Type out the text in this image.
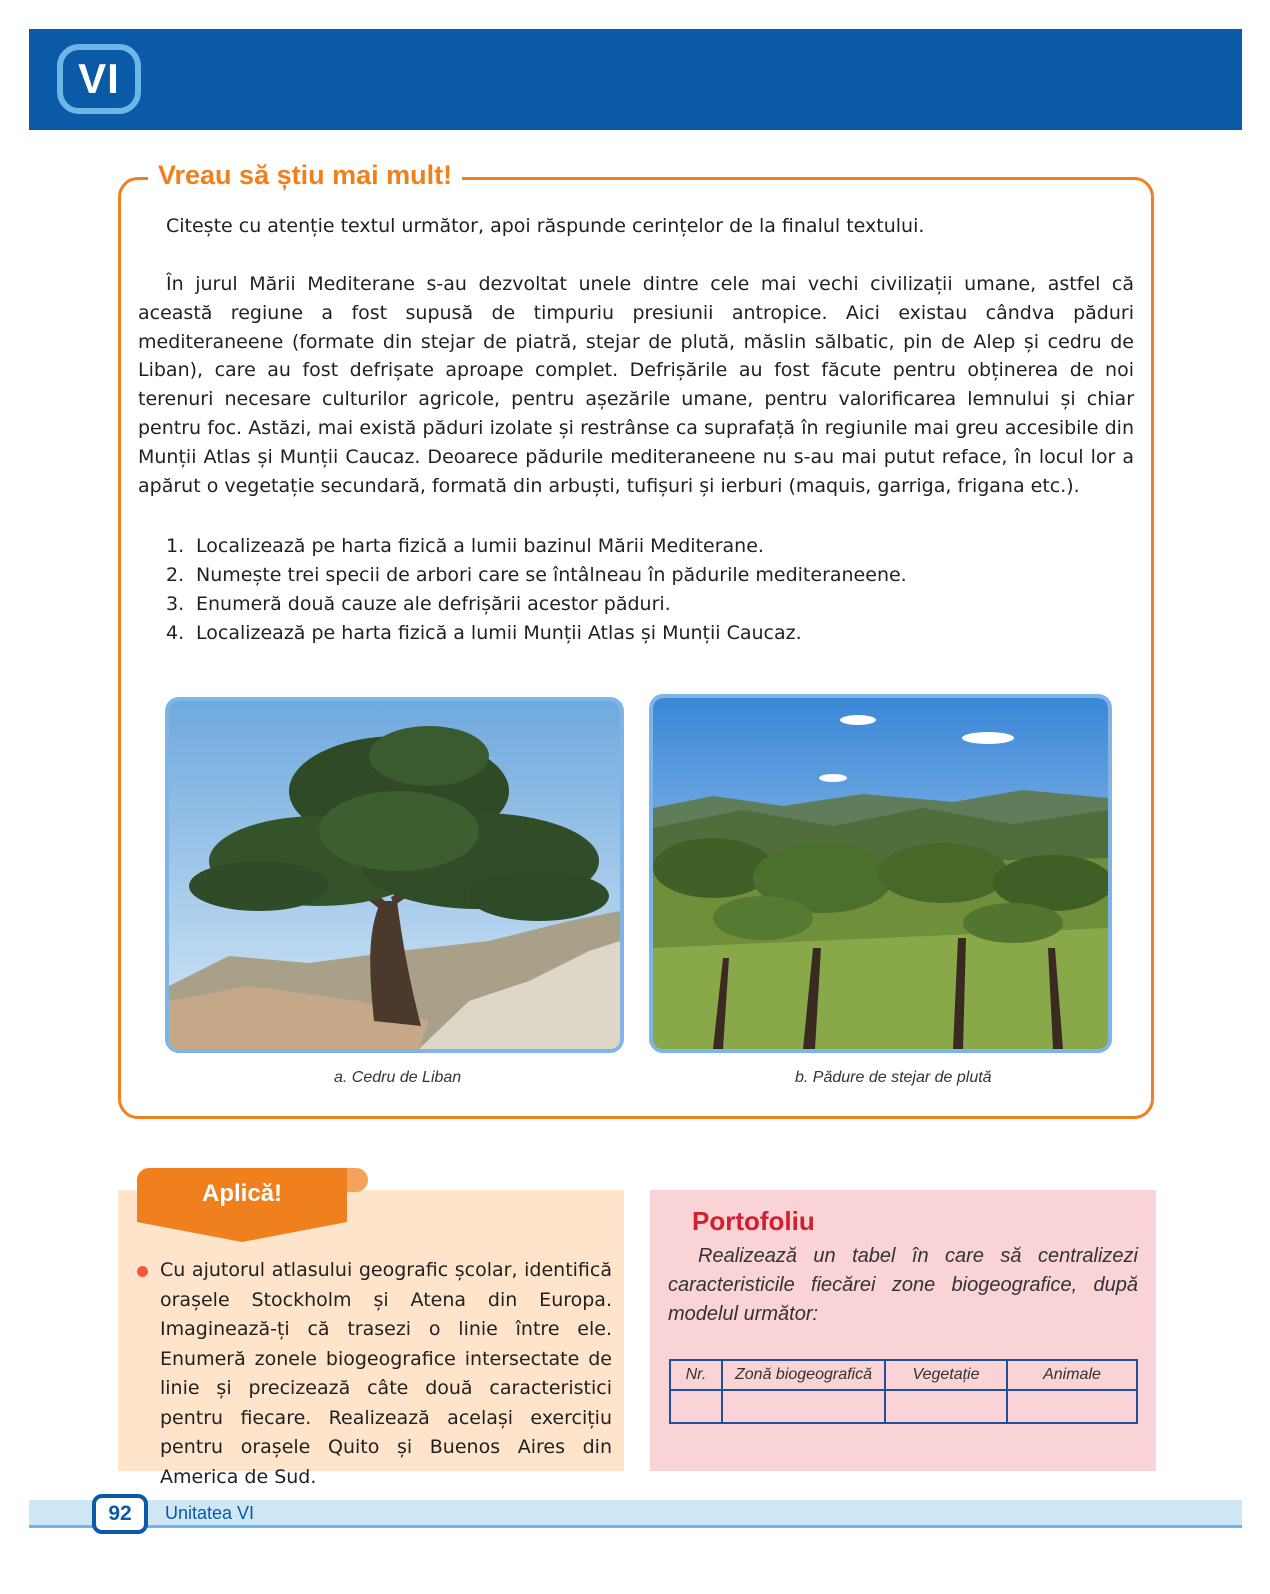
VI
Vreau să știu mai mult!
Citește cu atenție textul următor, apoi răspunde cerințelor de la finalul textului.
În jurul Mării Mediterane s-au dezvoltat unele dintre cele mai vechi civilizații umane, astfel că această regiune a fost supusă de timpuriu presiunii antropice. Aici existau cândva păduri mediteraneene (formate din stejar de piatră, stejar de plută, măslin sălbatic, pin de Alep și cedru de Liban), care au fost defrișate aproape complet. Defrișările au fost făcute pentru obținerea de noi terenuri necesare culturilor agricole, pentru așezările umane, pentru valorificarea lemnului și chiar pentru foc. Astăzi, mai există păduri izolate și restrânse ca suprafață în regiunile mai greu accesibile din Munții Atlas și Munții Caucaz. Deoarece pădurile mediteraneene nu s-au mai putut reface, în locul lor a apărut o vegetație secundară, formată din arbuști, tufișuri și ierburi (maquis, garriga, frigana etc.).
1. Localizează pe harta fizică a lumii bazinul Mării Mediterane.
2. Numește trei specii de arbori care se întâlneau în pădurile mediteraneene.
3. Enumeră două cauze ale defrișării acestor păduri.
4. Localizează pe harta fizică a lumii Munții Atlas și Munții Caucaz.
a. Cedru de Liban	b. Pădure de stejar de plută
Aplică!
Cu ajutorul atlasului geografic școlar, identifică orașele Stockholm și Atena din Europa. Imaginează-ți că trasezi o linie între ele. Enumeră zonele biogeografice intersectate de linie și precizează câte două caracteristici pentru fiecare. Realizează același exercițiu pentru orașele Quito și Buenos Aires din America de Sud.
Portofoliu
Realizează un tabel în care să centralizezi caracteristicile fiecărei zone biogeografice, după modelul următor:
Nr.	Zonă biogeografică	Vegetație	Animale

92	Unitatea VI
